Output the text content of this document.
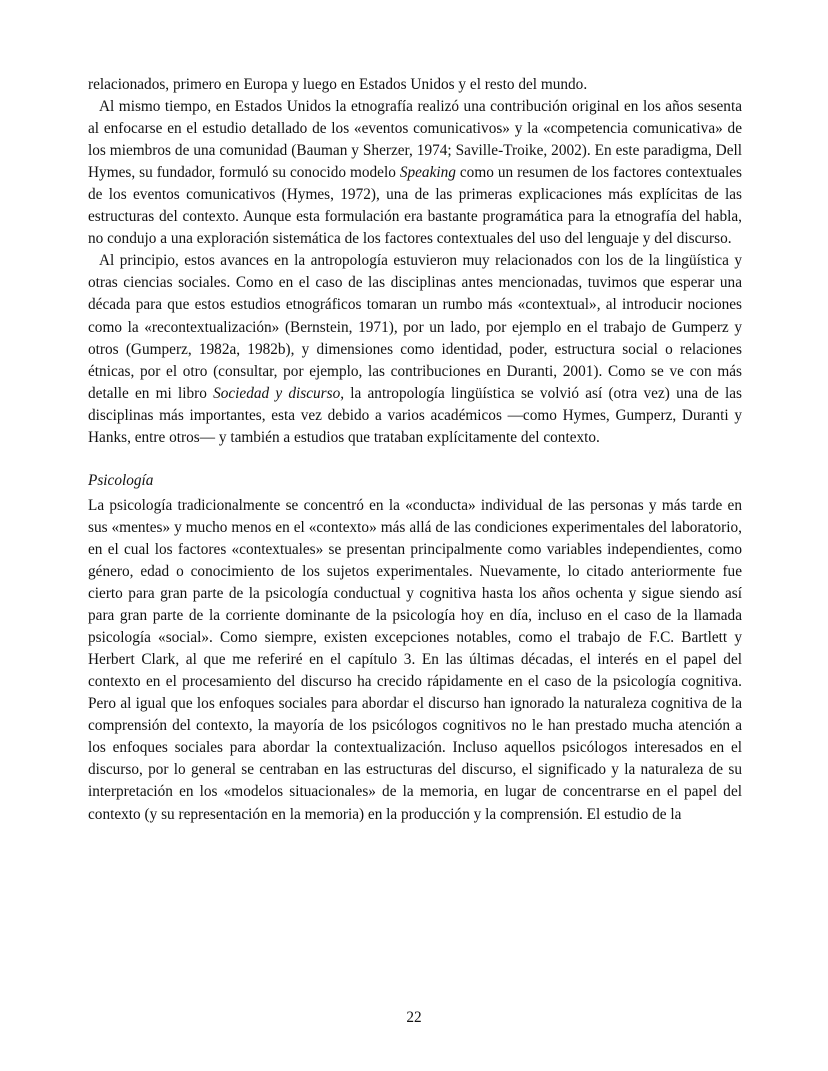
relacionados, primero en Europa y luego en Estados Unidos y el resto del mundo.

Al mismo tiempo, en Estados Unidos la etnografía realizó una contribución original en los años sesenta al enfocarse en el estudio detallado de los «eventos comunicativos» y la «competencia comunicativa» de los miembros de una comunidad (Bauman y Sherzer, 1974; Saville-Troike, 2002). En este paradigma, Dell Hymes, su fundador, formuló su conocido modelo Speaking como un resumen de los factores contextuales de los eventos comunicativos (Hymes, 1972), una de las primeras explicaciones más explícitas de las estructuras del contexto. Aunque esta formulación era bastante programática para la etnografía del habla, no condujo a una exploración sistemática de los factores contextuales del uso del lenguaje y del discurso.

Al principio, estos avances en la antropología estuvieron muy relacionados con los de la lingüística y otras ciencias sociales. Como en el caso de las disciplinas antes mencionadas, tuvimos que esperar una década para que estos estudios etnográficos tomaran un rumbo más «contextual», al introducir nociones como la «recontextualización» (Bernstein, 1971), por un lado, por ejemplo en el trabajo de Gumperz y otros (Gumperz, 1982a, 1982b), y dimensiones como identidad, poder, estructura social o relaciones étnicas, por el otro (consultar, por ejemplo, las contribuciones en Duranti, 2001). Como se ve con más detalle en mi libro Sociedad y discurso, la antropología lingüística se volvió así (otra vez) una de las disciplinas más importantes, esta vez debido a varios académicos —como Hymes, Gumperz, Duranti y Hanks, entre otros— y también a estudios que trataban explícitamente del contexto.

Psicología

La psicología tradicionalmente se concentró en la «conducta» individual de las personas y más tarde en sus «mentes» y mucho menos en el «contexto» más allá de las condiciones experimentales del laboratorio, en el cual los factores «contextuales» se presentan principalmente como variables independientes, como género, edad o conocimiento de los sujetos experimentales. Nuevamente, lo citado anteriormente fue cierto para gran parte de la psicología conductual y cognitiva hasta los años ochenta y sigue siendo así para gran parte de la corriente dominante de la psicología hoy en día, incluso en el caso de la llamada psicología «social». Como siempre, existen excepciones notables, como el trabajo de F.C. Bartlett y Herbert Clark, al que me referiré en el capítulo 3. En las últimas décadas, el interés en el papel del contexto en el procesamiento del discurso ha crecido rápidamente en el caso de la psicología cognitiva. Pero al igual que los enfoques sociales para abordar el discurso han ignorado la naturaleza cognitiva de la comprensión del contexto, la mayoría de los psicólogos cognitivos no le han prestado mucha atención a los enfoques sociales para abordar la contextualización. Incluso aquellos psicólogos interesados en el discurso, por lo general se centraban en las estructuras del discurso, el significado y la naturaleza de su interpretación en los «modelos situacionales» de la memoria, en lugar de concentrarse en el papel del contexto (y su representación en la memoria) en la producción y la comprensión. El estudio de la

22
